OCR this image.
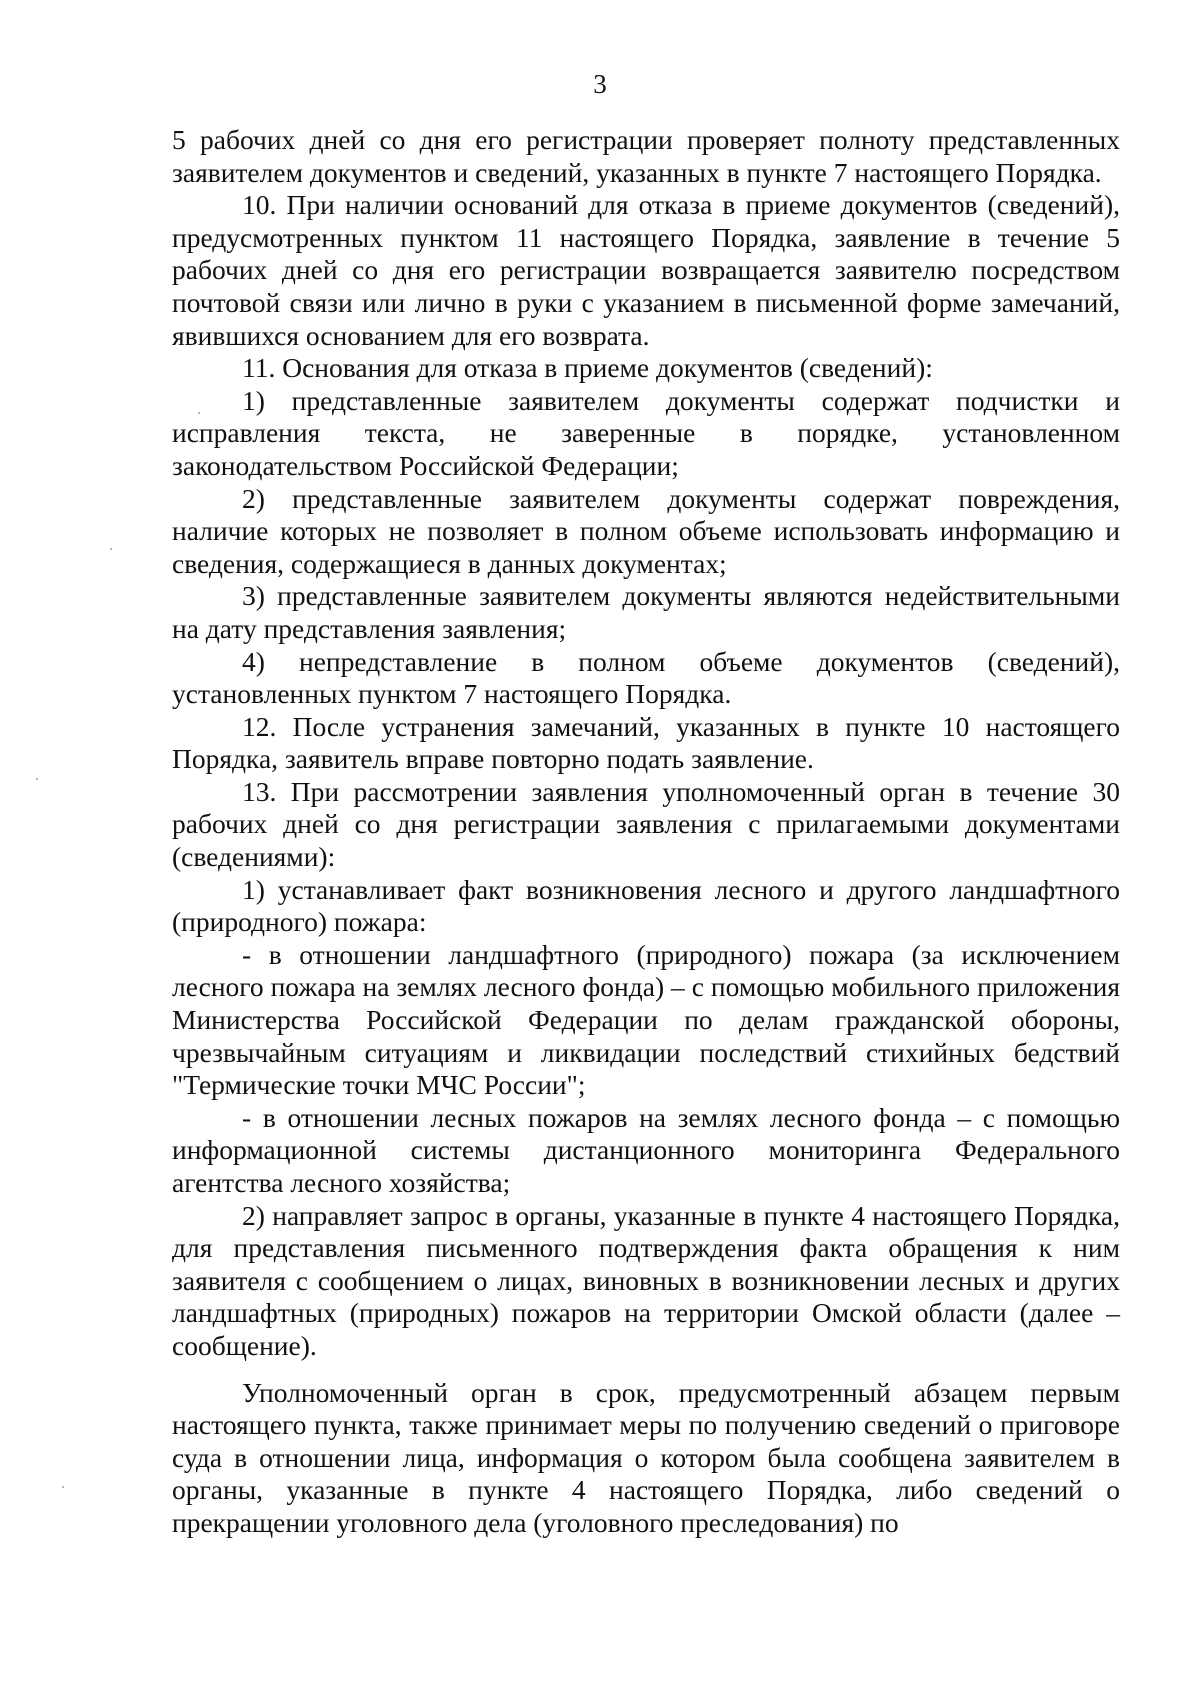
3

5 рабочих дней со дня его регистрации проверяет полноту представленных заявителем документов и сведений, указанных в пункте 7 настоящего Порядка.

10. При наличии оснований для отказа в приеме документов (сведений), предусмотренных пунктом 11 настоящего Порядка, заявление в течение 5 рабочих дней со дня его регистрации возвращается заявителю посредством почтовой связи или лично в руки с указанием в письменной форме замечаний, явившихся основанием для его возврата.

11. Основания для отказа в приеме документов (сведений):

1) представленные заявителем документы содержат подчистки и исправления текста, не заверенные в порядке, установленном законодательством Российской Федерации;

2) представленные заявителем документы содержат повреждения, наличие которых не позволяет в полном объеме использовать информацию и сведения, содержащиеся в данных документах;

3) представленные заявителем документы являются недействительными на дату представления заявления;

4) непредставление в полном объеме документов (сведений), установленных пунктом 7 настоящего Порядка.

12. После устранения замечаний, указанных в пункте 10 настоящего Порядка, заявитель вправе повторно подать заявление.

13. При рассмотрении заявления уполномоченный орган в течение 30 рабочих дней со дня регистрации заявления с прилагаемыми документами (сведениями):

1) устанавливает факт возникновения лесного и другого ландшафтного (природного) пожара:

- в отношении ландшафтного (природного) пожара (за исключением лесного пожара на землях лесного фонда) – с помощью мобильного приложения Министерства Российской Федерации по делам гражданской обороны, чрезвычайным ситуациям и ликвидации последствий стихийных бедствий "Термические точки МЧС России";

- в отношении лесных пожаров на землях лесного фонда – с помощью информационной системы дистанционного мониторинга Федерального агентства лесного хозяйства;

2) направляет запрос в органы, указанные в пункте 4 настоящего Порядка, для представления письменного подтверждения факта обращения к ним заявителя с сообщением о лицах, виновных в возникновении лесных и других ландшафтных (природных) пожаров на территории Омской области (далее – сообщение).

Уполномоченный орган в срок, предусмотренный абзацем первым настоящего пункта, также принимает меры по получению сведений о приговоре суда в отношении лица, информация о котором была сообщена заявителем в органы, указанные в пункте 4 настоящего Порядка, либо сведений о прекращении уголовного дела (уголовного преследования) по
